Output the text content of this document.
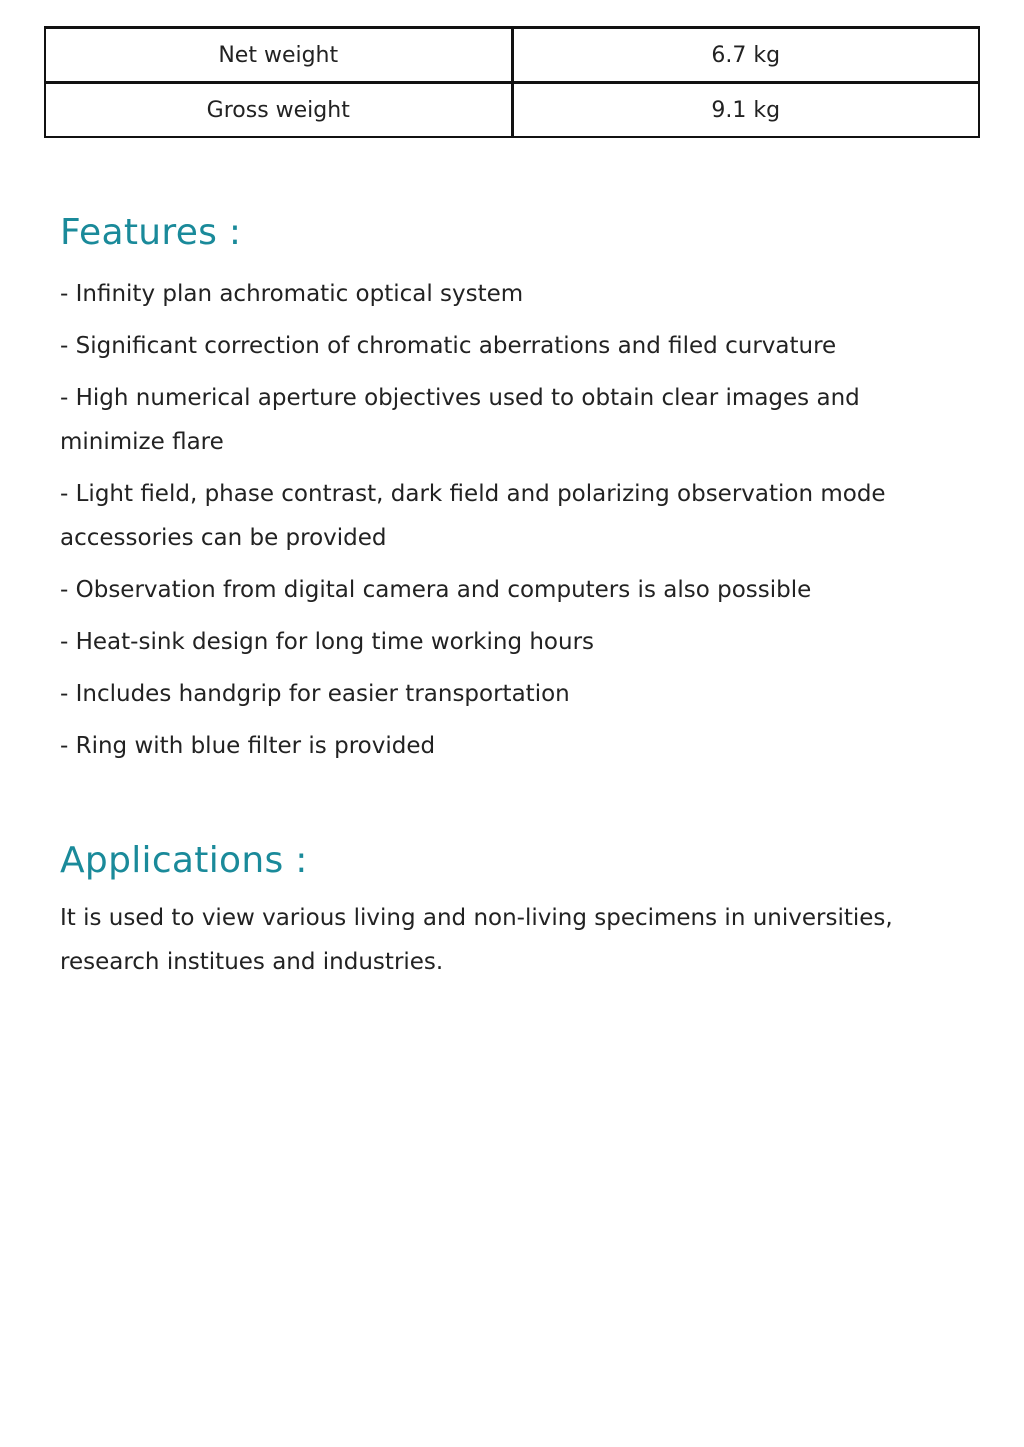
Net weight	6.7 kg
Gross weight	9.1 kg
Features :
- Infinity plan achromatic optical system
- Significant correction of chromatic aberrations and filed curvature
- High numerical aperture objectives used to obtain clear images and minimize flare
- Light field, phase contrast, dark field and polarizing observation mode accessories can be provided
- Observation from digital camera and computers is also possible
- Heat-sink design for long time working hours
- Includes handgrip for easier transportation
- Ring with blue filter is provided
Applications :

It is used to view various living and non-living specimens in universities, research institues and industries.
